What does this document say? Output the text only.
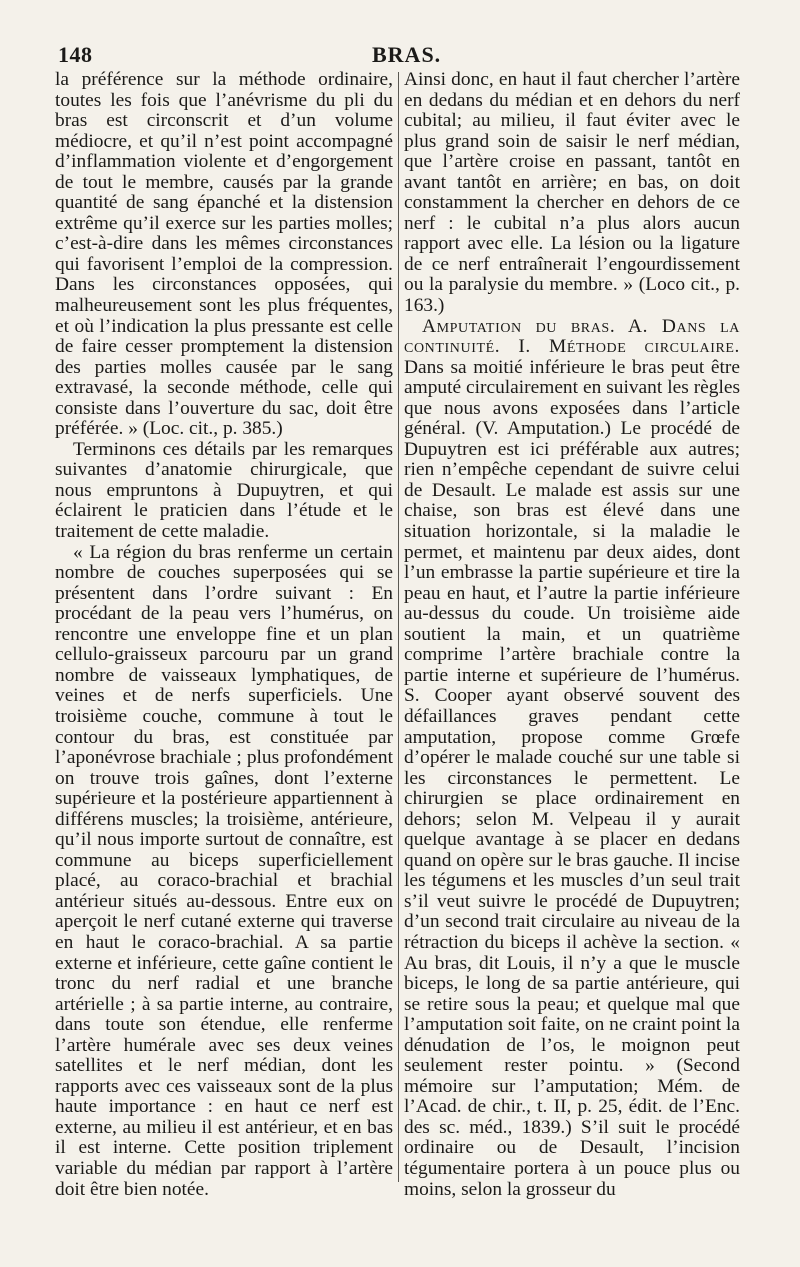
148	BRAS.

la préférence sur la méthode ordinaire, toutes les fois que l’anévrisme du pli du bras est circonscrit et d’un volume médiocre, et qu’il n’est point accompagné d’inflammation violente et d’engorgement de tout le membre, causés par la grande quantité de sang épanché et la distension extrême qu’il exerce sur les parties molles; c’est-à-dire dans les mêmes circonstances qui favorisent l’emploi de la compression. Dans les circonstances opposées, qui malheureusement sont les plus fréquentes, et où l’indication la plus pressante est celle de faire cesser promptement la distension des parties molles causée par le sang extravasé, la seconde méthode, celle qui consiste dans l’ouverture du sac, doit être préférée. » (Loc. cit., p. 385.)

Terminons ces détails par les remarques suivantes d’anatomie chirurgicale, que nous empruntons à Dupuytren, et qui éclairent le praticien dans l’étude et le traitement de cette maladie.

« La région du bras renferme un certain nombre de couches superposées qui se présentent dans l’ordre suivant : En procédant de la peau vers l’humérus, on rencontre une enveloppe fine et un plan cellulo-graisseux parcouru par un grand nombre de vaisseaux lymphatiques, de veines et de nerfs superficiels. Une troisième couche, commune à tout le contour du bras, est constituée par l’aponévrose brachiale ; plus profondément on trouve trois gaînes, dont l’externe supérieure et la postérieure appartiennent à différens muscles; la troisième, antérieure, qu’il nous importe surtout de connaître, est commune au biceps superficiellement placé, au coraco-brachial et brachial antérieur situés au-dessous. Entre eux on aperçoit le nerf cutané externe qui traverse en haut le coraco-brachial. A sa partie externe et inférieure, cette gaîne contient le tronc du nerf radial et une branche artérielle ; à sa partie interne, au contraire, dans toute son étendue, elle renferme l’artère humérale avec ses deux veines satellites et le nerf médian, dont les rapports avec ces vaisseaux sont de la plus haute importance : en haut ce nerf est externe, au milieu il est antérieur, et en bas il est interne. Cette position triplement variable du médian par rapport à l’artère doit être bien notée.

Ainsi donc, en haut il faut chercher l’artère en dedans du médian et en dehors du nerf cubital; au milieu, il faut éviter avec le plus grand soin de saisir le nerf médian, que l’artère croise en passant, tantôt en avant tantôt en arrière; en bas, on doit constamment la chercher en dehors de ce nerf : le cubital n’a plus alors aucun rapport avec elle. La lésion ou la ligature de ce nerf entraînerait l’engourdissement ou la paralysie du membre. » (Loco cit., p. 163.)

Amputation du bras. A. Dans la continuité. I. Méthode circulaire. Dans sa moitié inférieure le bras peut être amputé circulairement en suivant les règles que nous avons exposées dans l’article général. (V. Amputation.) Le procédé de Dupuytren est ici préférable aux autres; rien n’empêche cependant de suivre celui de Desault. Le malade est assis sur une chaise, son bras est élevé dans une situation horizontale, si la maladie le permet, et maintenu par deux aides, dont l’un embrasse la partie supérieure et tire la peau en haut, et l’autre la partie inférieure au-dessus du coude. Un troisième aide soutient la main, et un quatrième comprime l’artère brachiale contre la partie interne et supérieure de l’humérus. S. Cooper ayant observé souvent des défaillances graves pendant cette amputation, propose comme Grœfe d’opérer le malade couché sur une table si les circonstances le permettent. Le chirurgien se place ordinairement en dehors; selon M. Velpeau il y aurait quelque avantage à se placer en dedans quand on opère sur le bras gauche. Il incise les tégumens et les muscles d’un seul trait s’il veut suivre le procédé de Dupuytren; d’un second trait circulaire au niveau de la rétraction du biceps il achève la section. « Au bras, dit Louis, il n’y a que le muscle biceps, le long de sa partie antérieure, qui se retire sous la peau; et quelque mal que l’amputation soit faite, on ne craint point la dénudation de l’os, le moignon peut seulement rester pointu. » (Second mémoire sur l’amputation; Mém. de l’Acad. de chir., t. II, p. 25, édit. de l’Enc. des sc. méd., 1839.) S’il suit le procédé ordinaire ou de Desault, l’incision tégumentaire portera à un pouce plus ou moins, selon la grosseur du
